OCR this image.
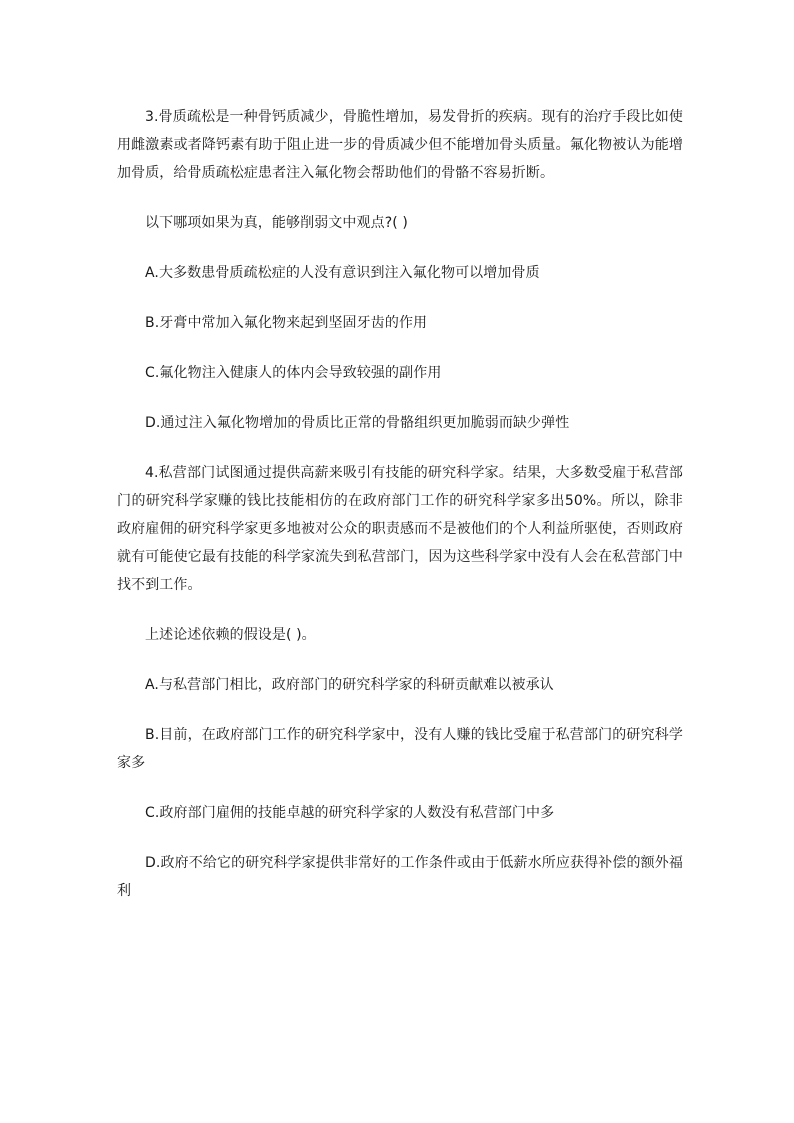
3.骨质疏松是一种骨钙质减少，骨脆性增加，易发骨折的疾病。现有的治疗手段比如使用雌激素或者降钙素有助于阻止进一步的骨质减少但不能增加骨头质量。氟化物被认为能增加骨质，给骨质疏松症患者注入氟化物会帮助他们的骨骼不容易折断。

以下哪项如果为真，能够削弱文中观点?( )

A.大多数患骨质疏松症的人没有意识到注入氟化物可以增加骨质

B.牙膏中常加入氟化物来起到坚固牙齿的作用

C.氟化物注入健康人的体内会导致较强的副作用

D.通过注入氟化物增加的骨质比正常的骨骼组织更加脆弱而缺少弹性

4.私营部门试图通过提供高薪来吸引有技能的研究科学家。结果，大多数受雇于私营部门的研究科学家赚的钱比技能相仿的在政府部门工作的研究科学家多出50%。所以，除非政府雇佣的研究科学家更多地被对公众的职责感而不是被他们的个人利益所驱使，否则政府就有可能使它最有技能的科学家流失到私营部门，因为这些科学家中没有人会在私营部门中找不到工作。

上述论述依赖的假设是( )。

A.与私营部门相比，政府部门的研究科学家的科研贡献难以被承认

B.目前，在政府部门工作的研究科学家中，没有人赚的钱比受雇于私营部门的研究科学家多

C.政府部门雇佣的技能卓越的研究科学家的人数没有私营部门中多

D.政府不给它的研究科学家提供非常好的工作条件或由于低薪水所应获得补偿的额外福利
